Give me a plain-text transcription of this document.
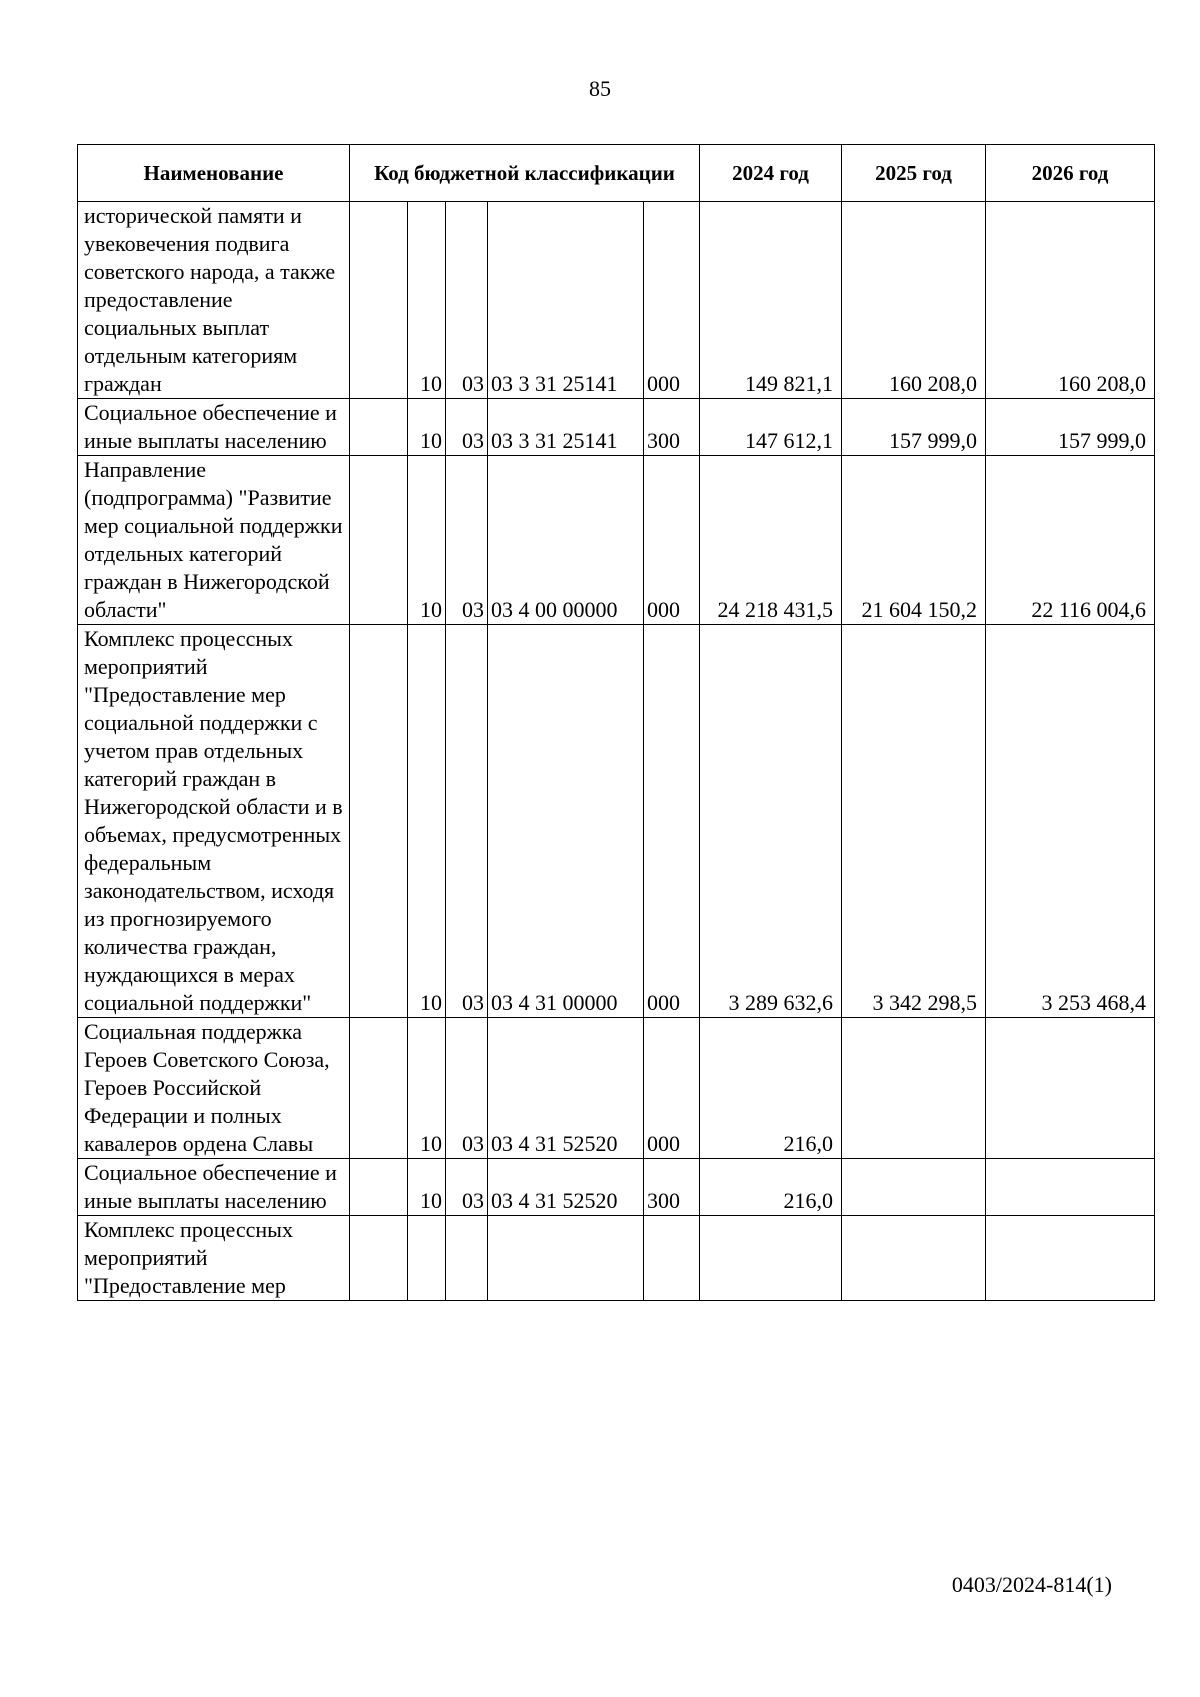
85
Наименование	Код бюджетной классификации					2024 год	2025 год	2026 год
исторической памяти и увековечения подвига советского народа, а также предоставление социальных выплат отдельным категориям граждан		10	03	03 3 31 25141	000	149 821,1	160 208,0	160 208,0
Социальное обеспечение и иные выплаты населению		10	03	03 3 31 25141	300	147 612,1	157 999,0	157 999,0
Направление (подпрограмма) "Развитие мер социальной поддержки отдельных категорий граждан в Нижегородской области"		10	03	03 4 00 00000	000	24 218 431,5	21 604 150,2	22 116 004,6
Комплекс процессных мероприятий "Предоставление мер социальной поддержки с учетом прав отдельных категорий граждан в Нижегородской области и в объемах, предусмотренных федеральным законодательством, исходя из прогнозируемого количества граждан, нуждающихся в мерах социальной поддержки"		10	03	03 4 31 00000	000	3 289 632,6	3 342 298,5	3 253 468,4
Социальная поддержка Героев Советского Союза, Героев Российской Федерации и полных кавалеров ордена Славы		10	03	03 4 31 52520	000	216,0		
Социальное обеспечение и иные выплаты населению		10	03	03 4 31 52520	300	216,0		
Комплекс процессных мероприятий "Предоставление мер								
0403/2024-814(1)
